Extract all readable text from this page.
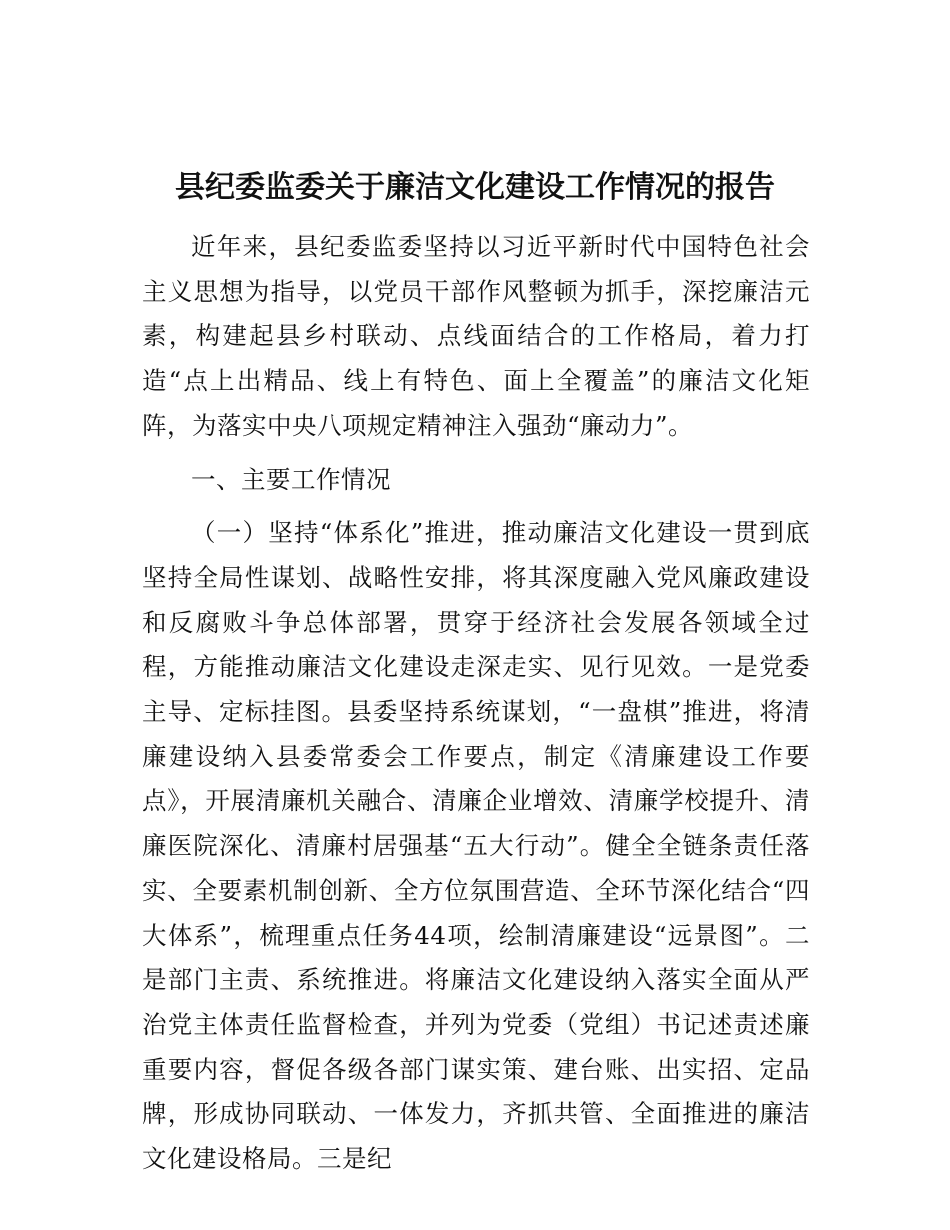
县纪委监委关于廉洁文化建设工作情况的报告

近年来，县纪委监委坚持以习近平新时代中国特色社会主义思想为指导，以党员干部作风整顿为抓手，深挖廉洁元素，构建起县乡村联动、点线面结合的工作格局，着力打造“点上出精品、线上有特色、面上全覆盖”的廉洁文化矩阵，为落实中央八项规定精神注入强劲“廉动力”。

一、主要工作情况

（一）坚持“体系化”推进，推动廉洁文化建设一贯到底坚持全局性谋划、战略性安排，将其深度融入党风廉政建设和反腐败斗争总体部署，贯穿于经济社会发展各领域全过程，方能推动廉洁文化建设走深走实、见行见效。一是党委主导、定标挂图。县委坚持系统谋划，“一盘棋”推进，将清廉建设纳入县委常委会工作要点，制定《清廉建设工作要点》，开展清廉机关融合、清廉企业增效、清廉学校提升、清廉医院深化、清廉村居强基“五大行动”。健全全链条责任落实、全要素机制创新、全方位氛围营造、全环节深化结合“四大体系”，梳理重点任务44项，绘制清廉建设“远景图”。二是部门主责、系统推进。将廉洁文化建设纳入落实全面从严治党主体责任监督检查，并列为党委（党组）书记述责述廉重要内容，督促各级各部门谋实策、建台账、出实招、定品牌，形成协同联动、一体发力，齐抓共管、全面推进的廉洁文化建设格局。三是纪
